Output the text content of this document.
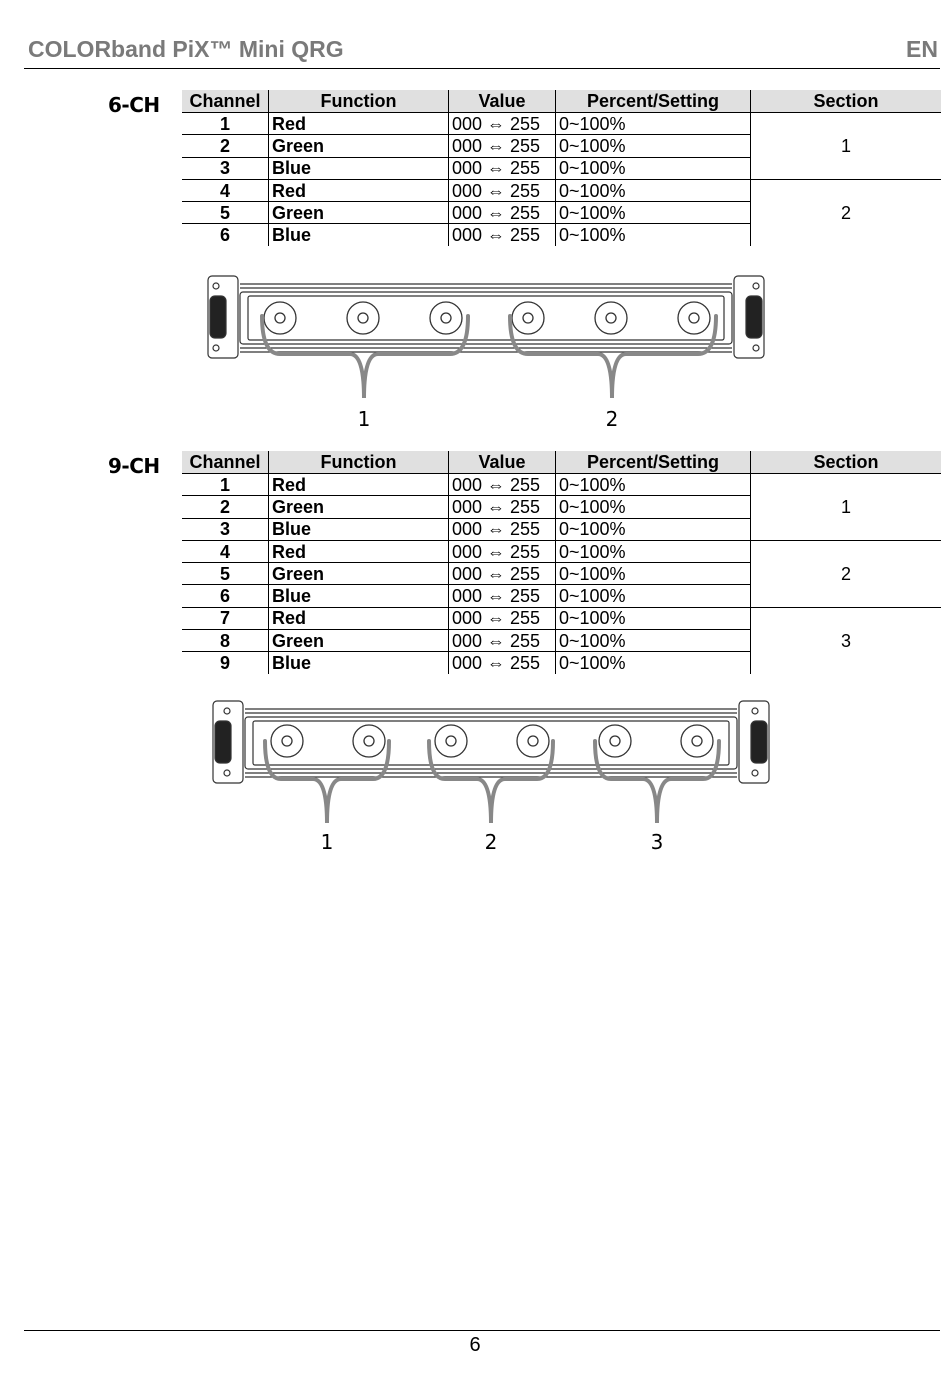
COLORband PiX™ Mini QRG	EN
6-CH Channel	Function	Value	Percent/Setting	Section
1	Red	000 ⇔ 255	0~100%	1
2	Green	000 ⇔ 255	0~100%	
3	Blue	000 ⇔ 255	0~100%	
4	Red	000 ⇔ 255	0~100%	2
5	Green	000 ⇔ 255	0~100%	
6	Blue	000 ⇔ 255	0~100%	
1	2
9-CH Channel	Function	Value	Percent/Setting	Section
1	Red	000 ⇔ 255	0~100%	1
2	Green	000 ⇔ 255	0~100%	
3	Blue	000 ⇔ 255	0~100%	
4	Red	000 ⇔ 255	0~100%	2
5	Green	000 ⇔ 255	0~100%	
6	Blue	000 ⇔ 255	0~100%	
7	Red	000 ⇔ 255	0~100%	3
8	Green	000 ⇔ 255	0~100%	
9	Blue	000 ⇔ 255	0~100%	
1	2	3
6
